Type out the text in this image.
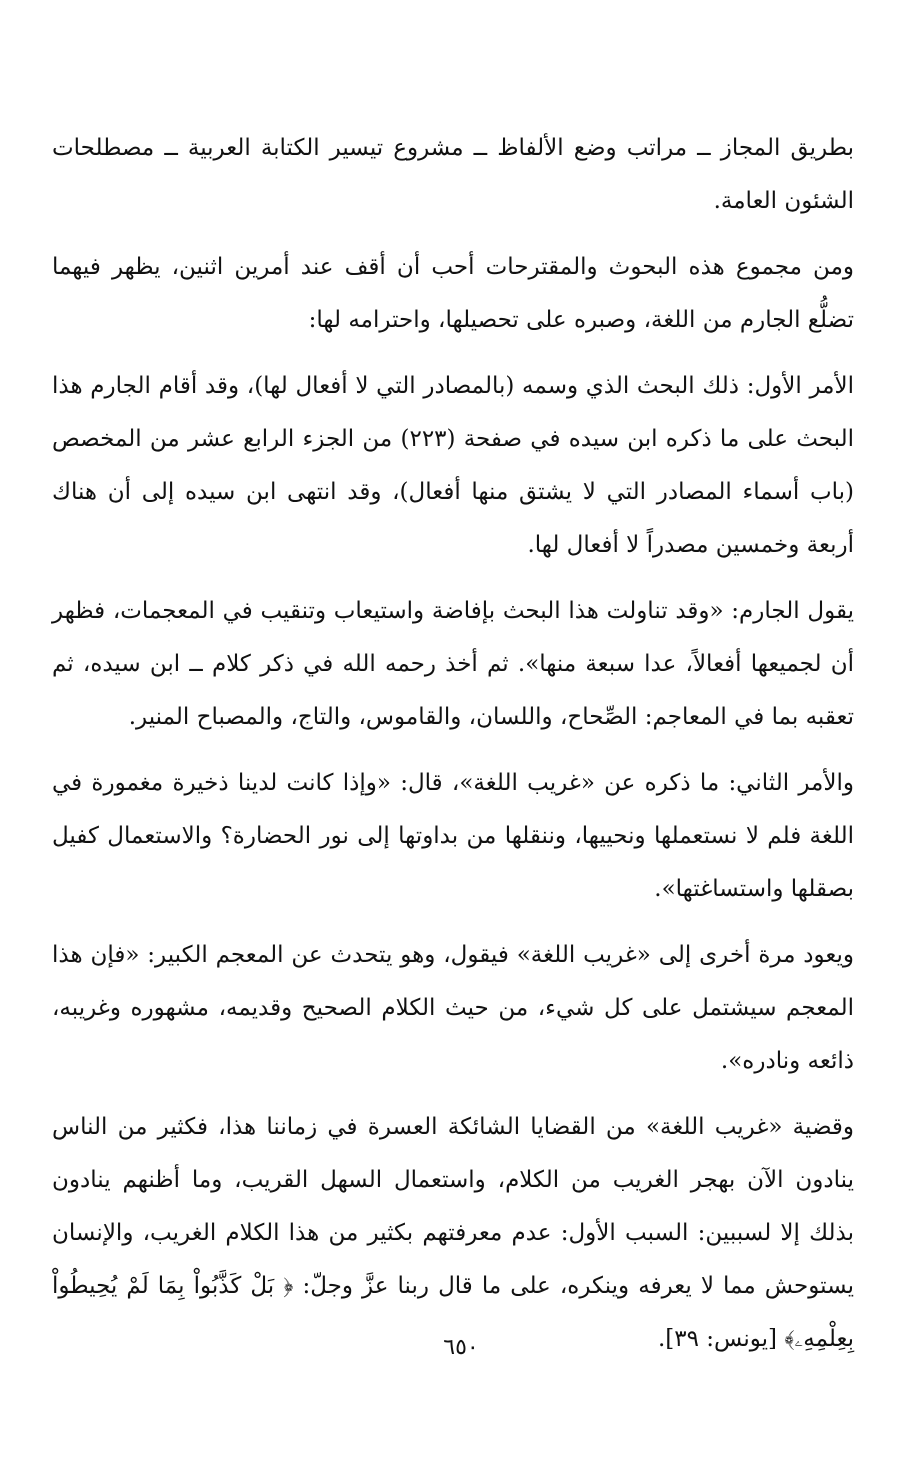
بطريق المجاز ــ مراتب وضع الألفاظ ــ مشروع تيسير الكتابة العربية ــ مصطلحات الشئون العامة.

ومن مجموع هذه البحوث والمقترحات أحب أن أقف عند أمرين اثنين، يظهر فيهما تضلُّع الجارم من اللغة، وصبره على تحصيلها، واحترامه لها:

الأمر الأول: ذلك البحث الذي وسمه (بالمصادر التي لا أفعال لها)، وقد أقام الجارم هذا البحث على ما ذكره ابن سيده في صفحة (٢٢٣) من الجزء الرابع عشر من المخصص (باب أسماء المصادر التي لا يشتق منها أفعال)، وقد انتهى ابن سيده إلى أن هناك أربعة وخمسين مصدراً لا أفعال لها.

يقول الجارم: «وقد تناولت هذا البحث بإفاضة واستيعاب وتنقيب في المعجمات، فظهر أن لجميعها أفعالاً، عدا سبعة منها». ثم أخذ رحمه الله في ذكر كلام ــ ابن سيده، ثم تعقبه بما في المعاجم: الصِّحاح، واللسان، والقاموس، والتاج، والمصباح المنير.

والأمر الثاني: ما ذكره عن «غريب اللغة»، قال: «وإذا كانت لدينا ذخيرة مغمورة في اللغة فلم لا نستعملها ونحييها، وننقلها من بداوتها إلى نور الحضارة؟ والاستعمال كفيل بصقلها واستساغتها».

ويعود مرة أخرى إلى «غريب اللغة» فيقول، وهو يتحدث عن المعجم الكبير: «فإن هذا المعجم سيشتمل على كل شيء، من حيث الكلام الصحيح وقديمه، مشهوره وغريبه، ذائعه ونادره».

وقضية «غريب اللغة» من القضايا الشائكة العسرة في زماننا هذا، فكثير من الناس ينادون الآن بهجر الغريب من الكلام، واستعمال السهل القريب، وما أظنهم ينادون بذلك إلا لسببين: السبب الأول: عدم معرفتهم بكثير من هذا الكلام الغريب، والإنسان يستوحش مما لا يعرفه وينكره، على ما قال ربنا عزَّ وجلّ: ﴿ بَلْ كَذَّبُواْ بِمَا لَمْ يُحِيطُواْ بِعِلْمِهِۦ﴾ [يونس: ٣٩].

٦٥٠
